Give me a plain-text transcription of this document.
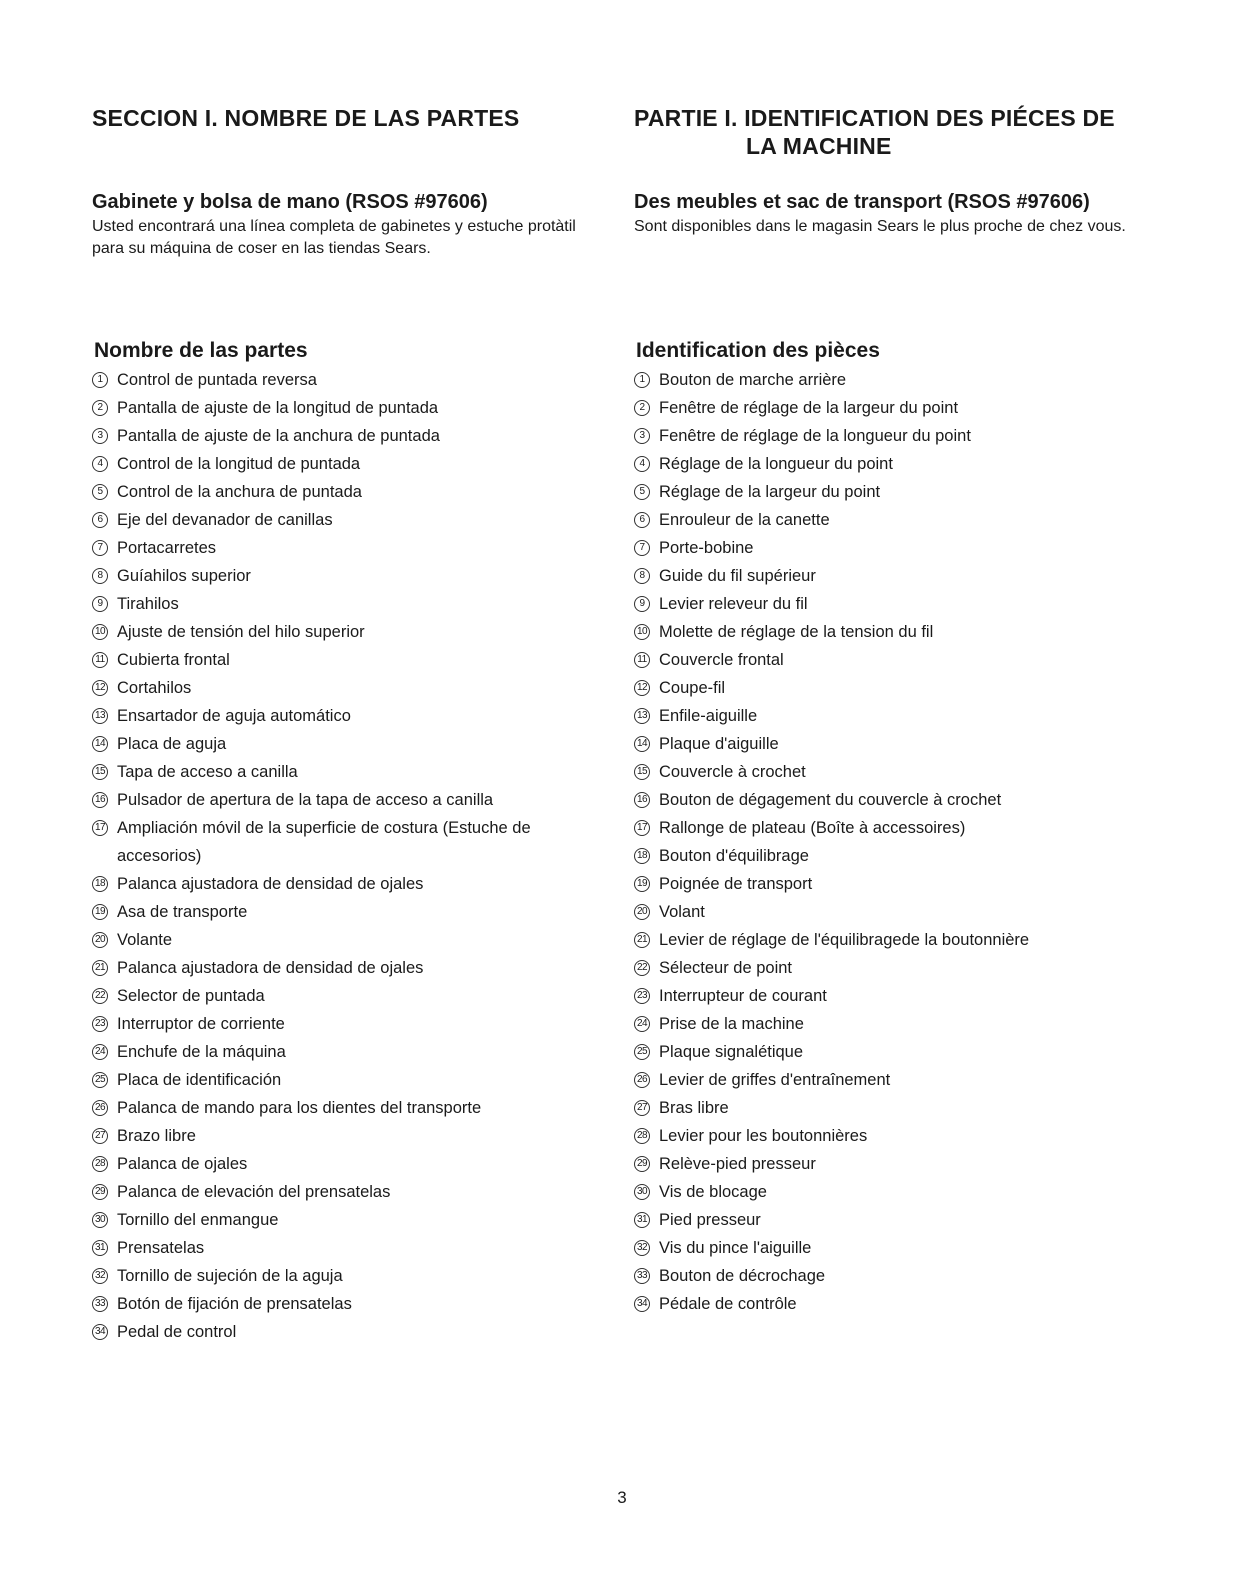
SECCION I. NOMBRE DE LAS PARTES
Gabinete y bolsa de mano (RSOS #97606)

Usted encontrará una línea completa de gabinetes y estuche protàtil para su máquina de coser en las tiendas Sears.

Nombre de las partes
1 Control de puntada reversa
2 Pantalla de ajuste de la longitud de puntada
3 Pantalla de ajuste de la anchura de puntada
4 Control de la longitud de puntada
5 Control de la anchura de puntada
6 Eje del devanador de canillas
7 Portacarretes
8 Guíahilos superior
9 Tirahilos
10 Ajuste de tensión del hilo superior
11 Cubierta frontal
12 Cortahilos
13 Ensartador de aguja automático
14 Placa de aguja
15 Tapa de acceso a canilla
16 Pulsador de apertura de la tapa de acceso a canilla
17 Ampliación móvil de la superficie de costura (Estuche de accesorios)
18 Palanca ajustadora de densidad de ojales
19 Asa de transporte
20 Volante
21 Palanca ajustadora de densidad de ojales
22 Selector de puntada
23 Interruptor de corriente
24 Enchufe de la máquina
25 Placa de identificación
26 Palanca de mando para los dientes del transporte
27 Brazo libre
28 Palanca de ojales
29 Palanca de elevación del prensatelas
30 Tornillo del enmangue
31 Prensatelas
32 Tornillo de sujeción de la aguja
33 Botón de fijación de prensatelas
34 Pedal de control
PARTIE I. IDENTIFICATION DES PIÉCES DE
LA MACHINE
Des meubles et sac de transport (RSOS #97606)

Sont disponibles dans le magasin Sears le plus proche de chez vous.

Identification des pièces
1 Bouton de marche arrière
2 Fenêtre de réglage de la largeur du point
3 Fenêtre de réglage de la longueur du point
4 Réglage de la longueur du point
5 Réglage de la largeur du point
6 Enrouleur de la canette
7 Porte-bobine
8 Guide du fil supérieur
9 Levier releveur du fil
10 Molette de réglage de la tension du fil
11 Couvercle frontal
12 Coupe-fil
13 Enfile-aiguille
14 Plaque d'aiguille
15 Couvercle à crochet
16 Bouton de dégagement du couvercle à crochet
17 Rallonge de plateau (Boîte à accessoires)
18 Bouton d'équilibrage
19 Poignée de transport
20 Volant
21 Levier de réglage de l'équilibragede la boutonnière
22 Sélecteur de point
23 Interrupteur de courant
24 Prise de la machine
25 Plaque signalétique
26 Levier de griffes d'entraînement
27 Bras libre
28 Levier pour les boutonnières
29 Relève-pied presseur
30 Vis de blocage
31 Pied presseur
32 Vis du pince l'aiguille
33 Bouton de décrochage
34 Pédale de contrôle

3
